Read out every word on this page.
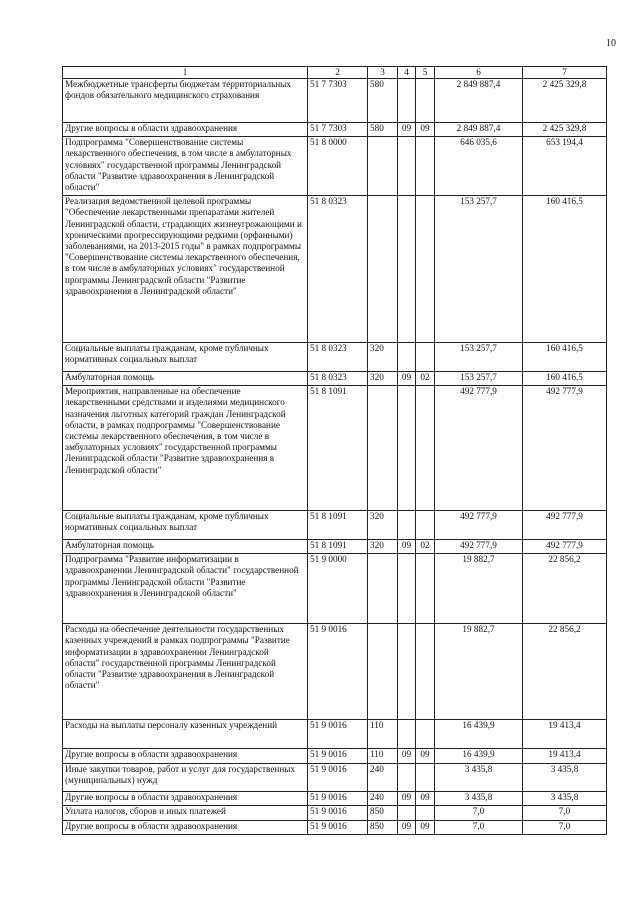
10
1	2	3	4	5	6	7
Межбюджетные трансферты бюджетам территориальных фондов обязательного медицинского страхования	51 7 7303	580			2 849 887,4	2 425 329,8
Другие вопросы в области здравоохранения	51 7 7303	580	09	09	2 849 887,4	2 425 329,8
Подпрограмма "Совершенствование системы лекарственного обеспечения, в том числе в амбулаторных условиях" государственной программы Ленинградской области "Развитие здравоохранения в Ленинградской области"	51 8 0000				646 035,6	653 194,4
Реализация ведомственной целевой программы "Обеспечение лекарственными препаратами жителей Ленинградской области, страдающих жизнеугрожающими и хроническими прогрессирующими редкими (орфанными) заболеваниями, на 2013-2015 годы" в рамках подпрограммы "Совершенствование системы лекарственного обеспечения, в том числе в амбулаторных условиях" государственной программы Ленинградской области "Развитие здравоохранения в Ленинградской области"	51 8 0323				153 257,7	160 416,5
Социальные выплаты гражданам, кроме публичных нормативных социальных выплат	51 8 0323	320			153 257,7	160 416,5
Амбулаторная помощь	51 8 0323	320	09	02	153 257,7	160 416,5
Мероприятия, направленные на обеспечение лекарственными средствами и изделиями медицинского назначения льготных категорий граждан Ленинградской области, в рамках подпрограммы "Совершенствование системы лекарственного обеспечения, в том числе в амбулаторных условиях" государственной программы Ленинградской области "Развитие здравоохранения в Ленинградской области"	51 8 1091				492 777,9	492 777,9
Социальные выплаты гражданам, кроме публичных нормативных социальных выплат	51 8 1091	320			492 777,9	492 777,9
Амбулаторная помощь	51 8 1091	320	09	02	492 777,9	492 777,9
Подпрограмма "Развитие информатизации в здравоохранении Ленинградской области" государственной программы Ленинградской области "Развитие здравоохранения в Ленинградской области"	51 9 0000				19 882,7	22 856,2
Расходы на обеспечение деятельности государственных казенных учреждений в рамках подпрограммы "Развитие информатизации в здравоохранении Ленинградской области" государственной программы Ленинградской области "Развитие здравоохранения в Ленинградской области"	51 9 0016				19 882,7	22 856,2
Расходы на выплаты персоналу казенных учреждений	51 9 0016	110			16 439,9	19 413,4
Другие вопросы в области здравоохранения	51 9 0016	110	09	09	16 439,9	19 413,4
Иные закупки товаров, работ и услуг для государственных (муниципальных) нужд	51 9 0016	240			3 435,8	3 435,8
Другие вопросы в области здравоохранения	51 9 0016	240	09	09	3 435,8	3 435,8
Уплата налогов, сборов и иных платежей	51 9 0016	850			7,0	7,0
Другие вопросы в области здравоохранения	51 9 0016	850	09	09	7,0	7,0
